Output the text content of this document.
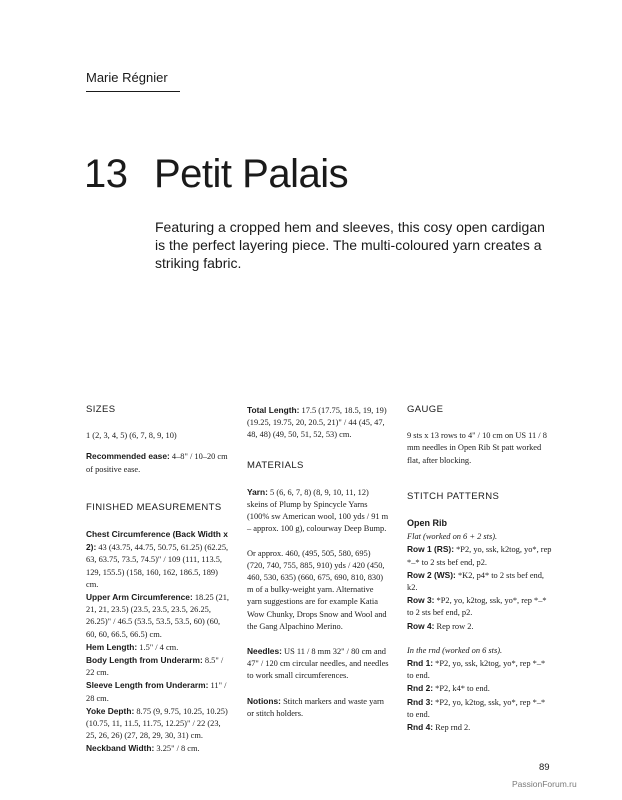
Marie Régnier
13 Petit Palais
Featuring a cropped hem and sleeves, this cosy open cardigan is the perfect layering piece. The multi-coloured yarn creates a striking fabric.
SIZES

1 (2, 3, 4, 5) (6, 7, 8, 9, 10)

Recommended ease: 4–8" / 10–20 cm of positive ease.

FINISHED MEASUREMENTS
Chest Circumference (Back Width x 2): 43 (43.75, 44.75, 50.75, 61.25) (62.25, 63, 63.75, 73.5, 74.5)" / 109 (111, 113.5, 129, 155.5) (158, 160, 162, 186.5, 189) cm.
Upper Arm Circumference: 18.25 (21, 21, 21, 23.5) (23.5, 23.5, 23.5, 26.25, 26.25)" / 46.5 (53.5, 53.5, 53.5, 60) (60, 60, 60, 66.5, 66.5) cm.
Hem Length: 1.5" / 4 cm.
Body Length from Underarm: 8.5" / 22 cm.
Sleeve Length from Underarm: 11" / 28 cm.
Yoke Depth: 8.75 (9, 9.75, 10.25, 10.25) (10.75, 11, 11.5, 11.75, 12.25)" / 22 (23, 25, 26, 26) (27, 28, 29, 30, 31) cm.
Neckband Width: 3.25" / 8 cm.

Total Length: 17.5 (17.75, 18.5, 19, 19) (19.25, 19.75, 20, 20.5, 21)" / 44 (45, 47, 48, 48) (49, 50, 51, 52, 53) cm.

MATERIALS

Yarn: 5 (6, 6, 7, 8) (8, 9, 10, 11, 12) skeins of Plump by Spincycle Yarns (100% sw American wool, 100 yds / 91 m – approx. 100 g), colourway Deep Bump.

Or approx. 460, (495, 505, 580, 695) (720, 740, 755, 885, 910) yds / 420 (450, 460, 530, 635) (660, 675, 690, 810, 830) m of a bulky-weight yarn. Alternative yarn suggestions are for example Katia Wow Chunky, Drops Snow and Wool and the Gang Alpachino Merino.

Needles: US 11 / 8 mm 32" / 80 cm and 47" / 120 cm circular needles, and needles to work small circumferences.

Notions: Stitch markers and waste yarn or stitch holders.

GAUGE

9 sts x 13 rows to 4" / 10 cm on US 11 / 8 mm needles in Open Rib St patt worked flat, after blocking.

STITCH PATTERNS
Open Rib
Flat (worked on 6 + 2 sts).
Row 1 (RS): *P2, yo, ssk, k2tog, yo*, rep *–* to 2 sts bef end, p2.
Row 2 (WS): *K2, p4* to 2 sts bef end, k2.
Row 3: *P2, yo, k2tog, ssk, yo*, rep *–* to 2 sts bef end, p2.
Row 4: Rep row 2.
In the rnd (worked on 6 sts).
Rnd 1: *P2, yo, ssk, k2tog, yo*, rep *–* to end.
Rnd 2: *P2, k4* to end.
Rnd 3: *P2, yo, k2tog, ssk, yo*, rep *–* to end.
Rnd 4: Rep rnd 2.
89
PassionForum.ru
